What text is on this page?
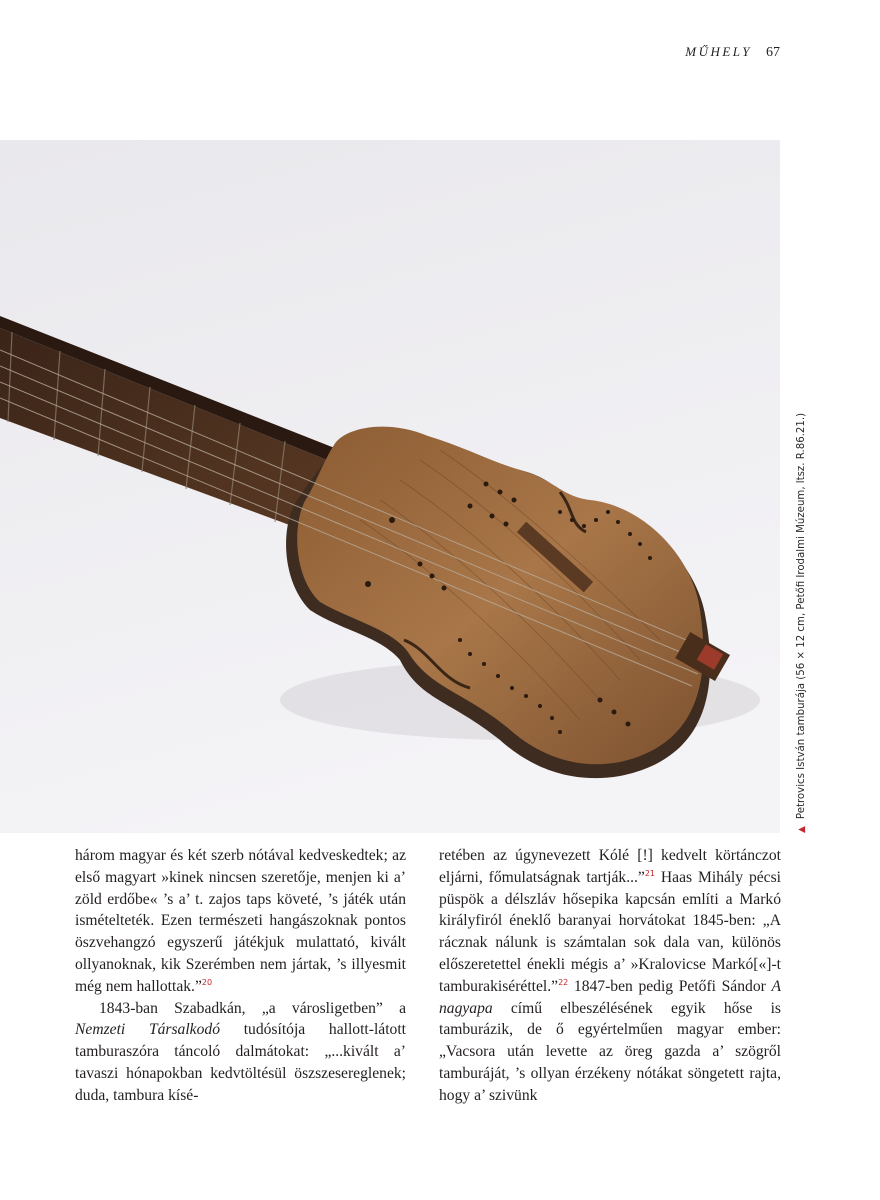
MŰHELY 67
▲Petrovics István tamburája (56 × 12 cm, Petőfi Irodalmi Múzeum, ltsz. R.86.21.)

három magyar és két szerb nótával kedveskedtek; az első magyart »kinek nincsen szeretője, menjen ki a’ zöld erdőbe« ’s a’ t. zajos taps követé, ’s játék után ismételteték. Ezen természeti hangászoknak pontos öszvehangzó egyszerű játékjuk mulattató, kivált ollyanoknak, kik Szerémben nem jártak, ’s illyesmit még nem hallottak.”$^{20}$

1843-ban Szabadkán, „a városligetben” a Nemzeti Társalkodó tudósítója hallott-látott tamburaszóra táncoló dalmátokat: „...kivált a’ tavaszi hónapokban kedvtöltésül öszszesereglenek; duda, tambura kísé-

retében az úgynevezett Kólé [!] kedvelt körtánczot eljárni, főmulatságnak tartják...”$^{21}$ Haas Mihály pécsi püspök a délszláv hősepika kapcsán említi a Markó királyfiról éneklő baranyai horvátokat 1845-ben: „A rácznak nálunk is számtalan sok dala van, különös előszeretettel énekli mégis a’ »Kralovicse Markó[«]-t tamburakiséréttel.”$^{22}$ 1847-ben pedig Petőfi Sándor A nagyapa című elbeszélésének egyik hőse is tamburázik, de ő egyértelműen magyar ember: „Vacsora után levette az öreg gazda a’ szögről tamburáját, ’s ollyan érzékeny nótákat söngetett rajta, hogy a’ szivünk
